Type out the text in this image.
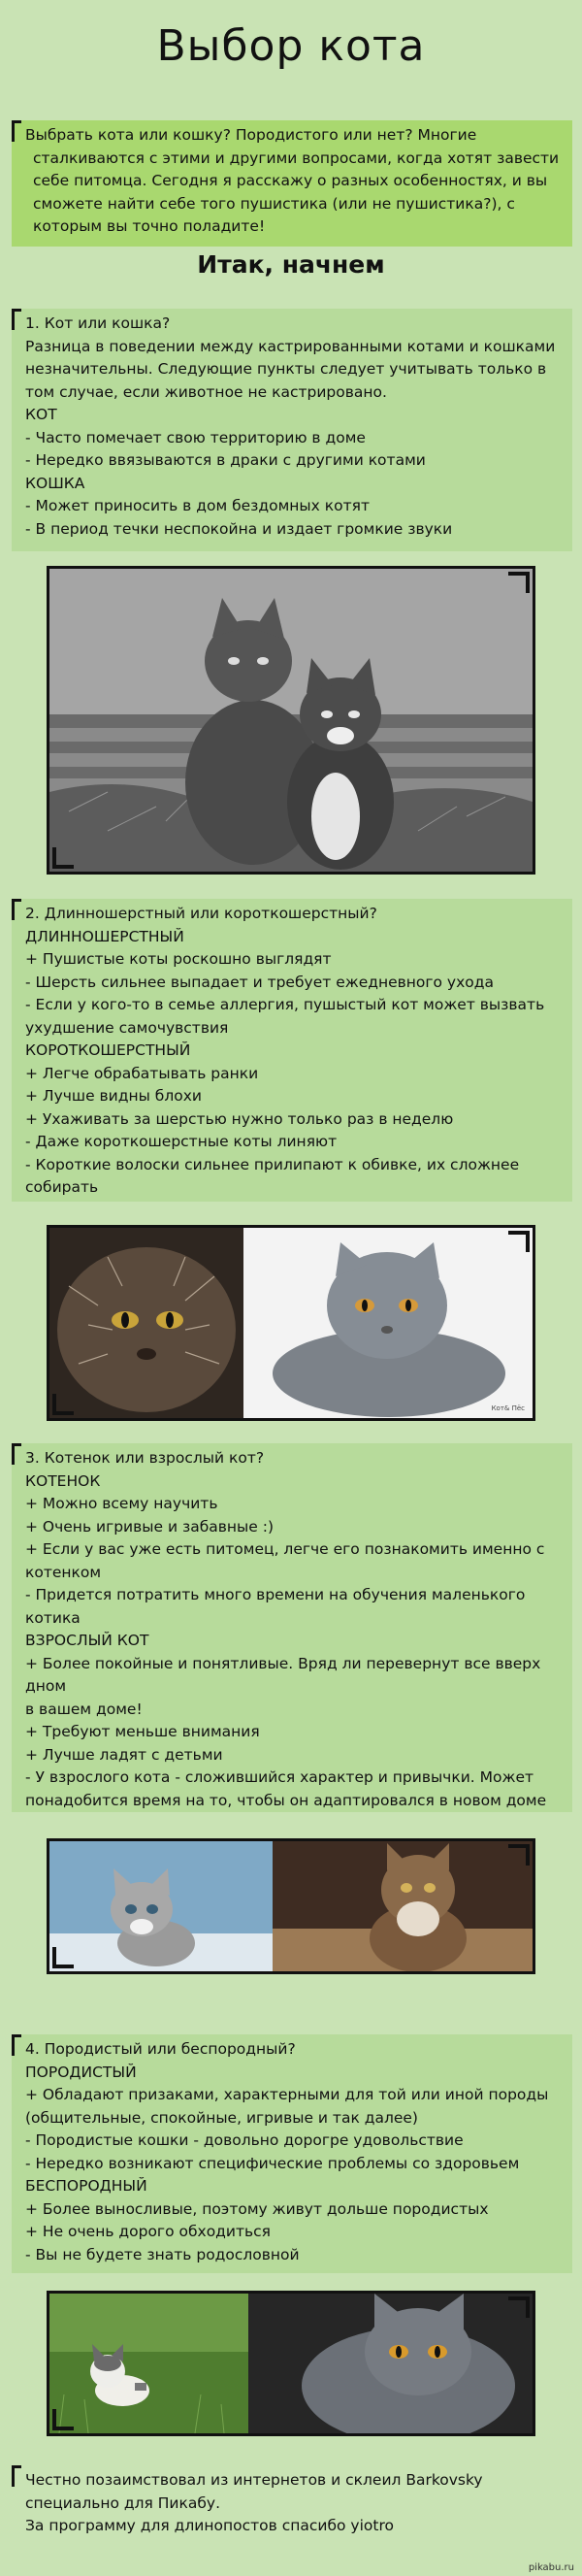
Выбор кота
Выбрать кота или кошку? Породистого или нет? Многие
сталкиваются с этими и другими вопросами, когда хотят завести
себе питомца. Сегодня я расскажу о разных особенностях, и вы
сможете найти себе того пушистика (или не пушистика?), с
которым вы точно поладите!
Итак, начнем
1. Кот или кошка?
Разница в поведении между кастрированными котами и кошками
незначительны. Следующие пункты следует учитывать только в
том случае, если животное не кастрировано.
КОТ
- Часто помечает свою территорию в доме
- Нередко ввязываются в драки с другими котами
КОШКА
- Может приносить в дом бездомных котят
- В период течки неспокойна и издает громкие звуки
2. Длинношерстный или короткошерстный?
ДЛИННОШЕРСТНЫЙ
+ Пушистые коты роскошно выглядят
- Шерсть сильнее выпадает и требует ежедневного ухода
- Если у кого-то в семье аллергия, пушыстый кот может вызвать
ухудшение самочувствия
КОРОТКОШЕРСТНЫЙ
+ Легче обрабатывать ранки
+ Лучше видны блохи
+ Ухаживать за шерстью нужно только раз в неделю
- Даже короткошерстные коты линяют
- Короткие волоски сильнее прилипают к обивке, их сложнее
собирать
Кот& Пёс
3. Котенок или взрослый кот?
КОТЕНОК
+ Можно всему научить
+ Очень игривые и забавные :)
+ Если у вас уже есть питомец, легче его познакомить именно с
котенком
- Придется потратить много времени на обучения маленького
котика
ВЗРОСЛЫЙ КОТ
+ Более покойные и понятливые. Вряд ли перевернут все вверх
дном
в вашем доме!
+ Требуют меньше внимания
+ Лучше ладят с детьми
- У взрослого кота - сложившийся характер и привычки. Может
понадобится время на то, чтобы он адаптировался в новом доме
4. Породистый или беспородный?
ПОРОДИСТЫЙ
+ Обладают призаками, характерными для той или иной породы
(общительные, спокойные, игривые и так далее)
- Породистые кошки - довольно дорогре удовольствие
- Нередко возникают специфические проблемы со здоровьем
БЕСПОРОДНЫЙ
+ Более выносливые, поэтому живут дольше породистых
+ Не очень дорого обходиться
- Вы не будете знать родословной
Честно позаимствовал из интернетов и склеил Barkovsky
специально для Пикабу.
За программу для длинопостов спасибо yiotro
pikabu.ru
